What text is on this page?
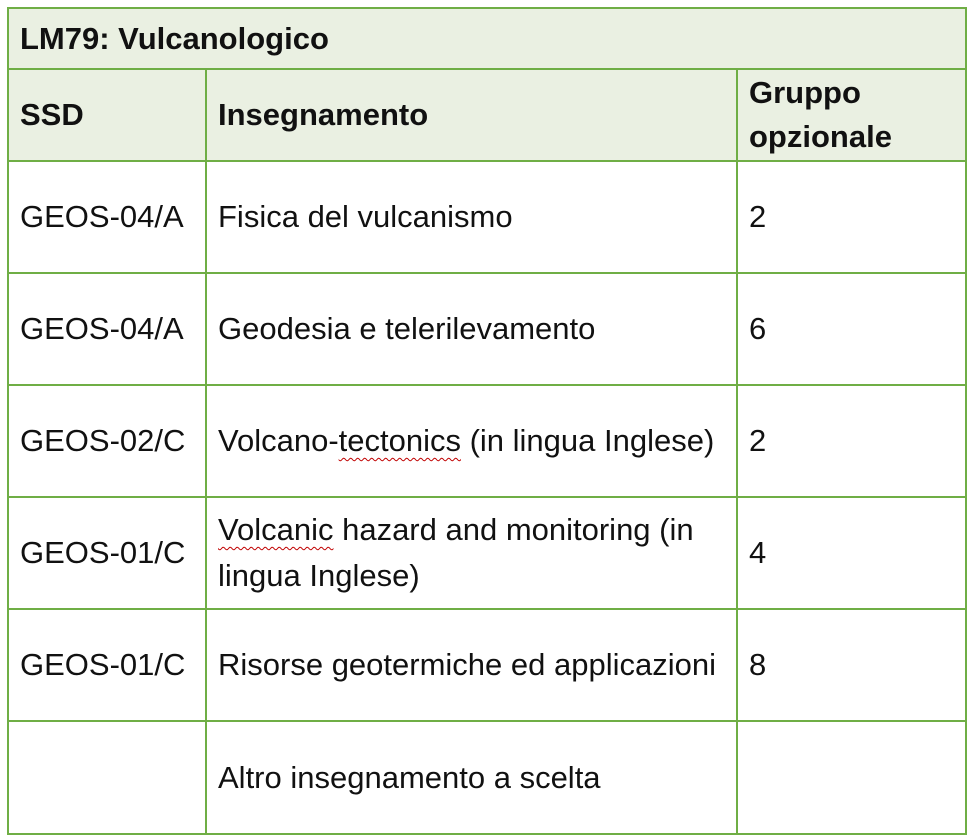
LM79: Vulcanologico		
SSD	Insegnamento	Gruppo opzionale
GEOS-04/A	Fisica del vulcanismo	2
GEOS-04/A	Geodesia e telerilevamento	6
GEOS-02/C	Volcano-tectonics (in lingua Inglese)	2
GEOS-01/C	Volcanic hazard and monitoring (in lingua Inglese)	4
GEOS-01/C	Risorse geotermiche ed applicazioni	8
	Altro insegnamento a scelta	
